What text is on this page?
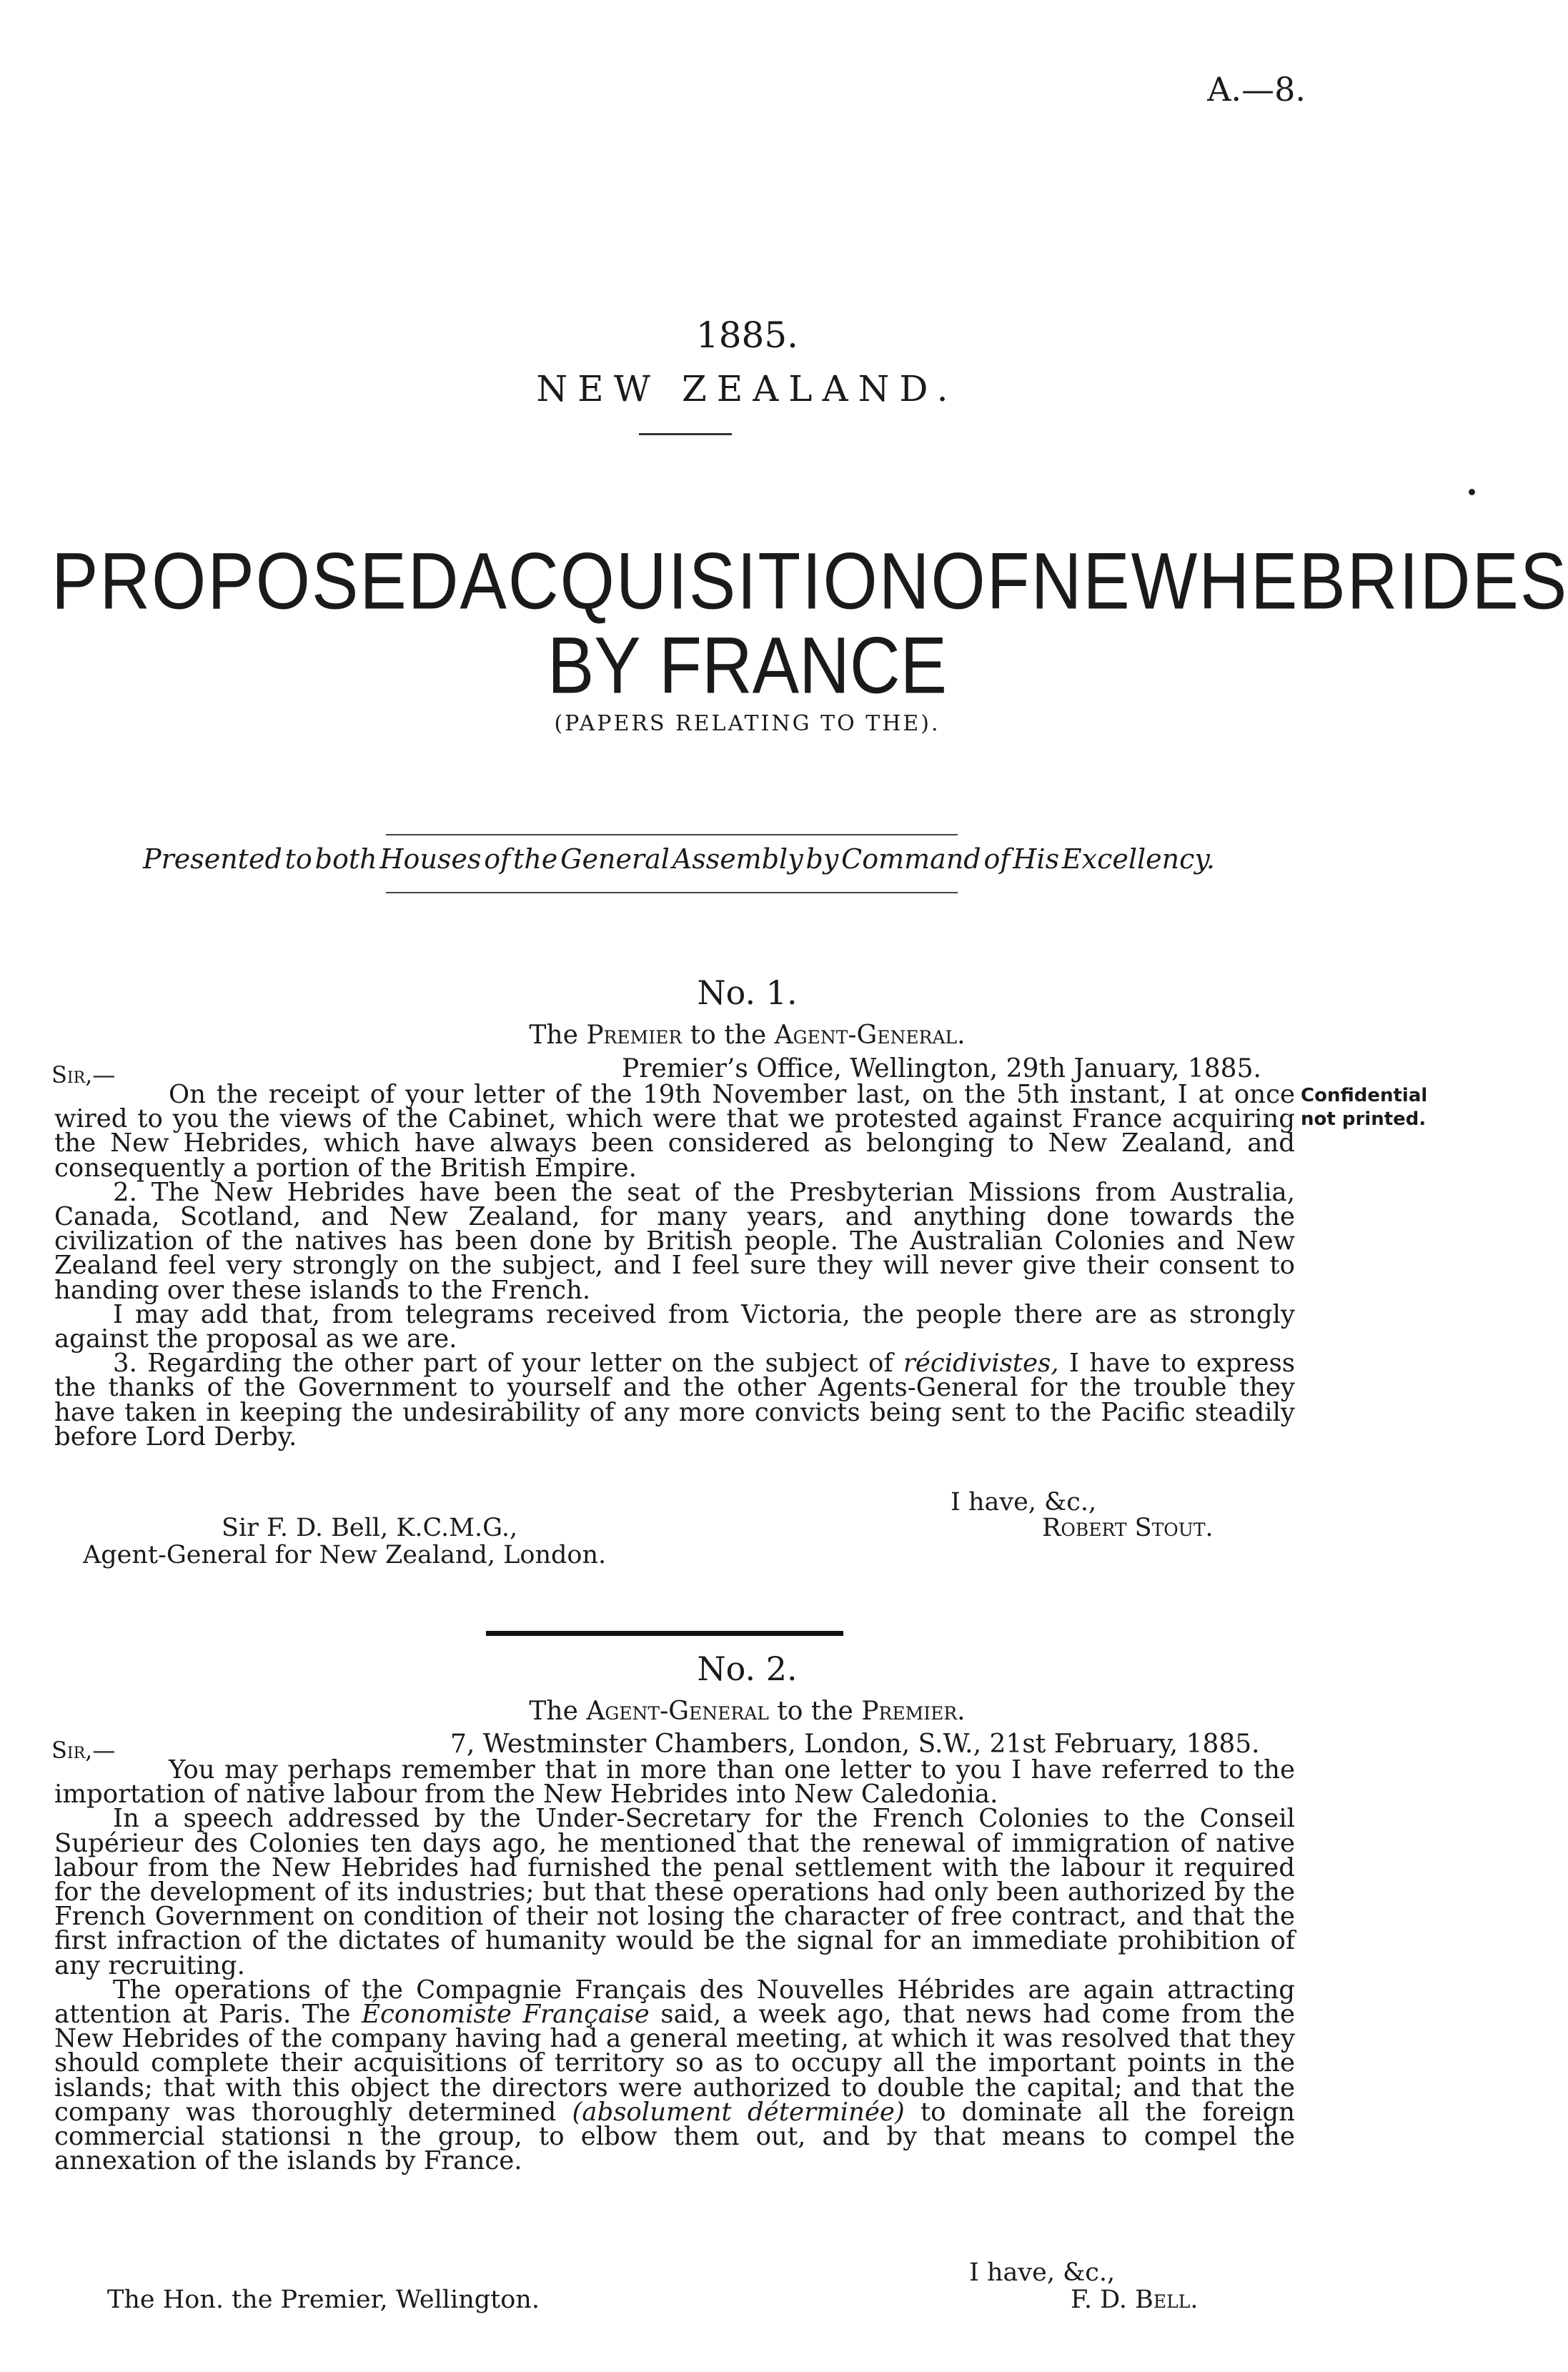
A.—8.
1885.
NEW ZEALAND.
PROPOSED ACQUISITION OF NEW HEBRIDES
BY FRANCE
(PAPERS RELATING TO THE).
Presented to both Houses of the General Assembly by Command of His Excellency.
No. 1.
The Premier to the Agent-General.
Sir,—	Premier’s Office, Wellington, 29th January, 1885.
Confidential
not printed.

On the receipt of your letter of the 19th November last, on the 5th instant, I at once wired to you the views of the Cabinet, which were that we protested against France acquiring the New Hebrides, which have always been considered as belonging to New Zealand, and consequently a portion of the British Empire.

2. The New Hebrides have been the seat of the Presbyterian Missions from Australia, Canada, Scotland, and New Zealand, for many years, and anything done towards the civilization of the natives has been done by British people. The Australian Colonies and New Zealand feel very strongly on the subject, and I feel sure they will never give their consent to handing over these islands to the French.

I may add that, from telegrams received from Victoria, the people there are as strongly against the proposal as we are.

3. Regarding the other part of your letter on the subject of récidivistes, I have to express the thanks of the Government to yourself and the other Agents-General for the trouble they have taken in keeping the undesirability of any more convicts being sent to the Pacific steadily before Lord Derby.

I have, &c.,
Sir F. D. Bell, K.C.M.G.,	Robert Stout.
Agent-General for New Zealand, London.
No. 2.
The Agent-General to the Premier.
Sir,—	7, Westminster Chambers, London, S.W., 21st February, 1885.

You may perhaps remember that in more than one letter to you I have referred to the importation of native labour from the New Hebrides into New Caledonia.

In a speech addressed by the Under-Secretary for the French Colonies to the Conseil Supérieur des Colonies ten days ago, he mentioned that the renewal of immigration of native labour from the New Hebrides had furnished the penal settlement with the labour it required for the development of its industries; but that these operations had only been authorized by the French Government on condition of their not losing the character of free contract, and that the first infraction of the dictates of humanity would be the signal for an immediate prohibition of any recruiting.

The operations of the Compagnie Français des Nouvelles Hébrides are again attracting attention at Paris. The Économiste Française said, a week ago, that news had come from the New Hebrides of the company having had a general meeting, at which it was resolved that they should complete their acquisitions of territory so as to occupy all the important points in the islands; that with this object the directors were authorized to double the capital; and that the company was thoroughly determined (absolument déterminée) to dominate all the foreign commercial stationsi n the group, to elbow them out, and by that means to compel the annexation of the islands by France.

I have, &c.,
The Hon. the Premier, Wellington.	F. D. Bell.
